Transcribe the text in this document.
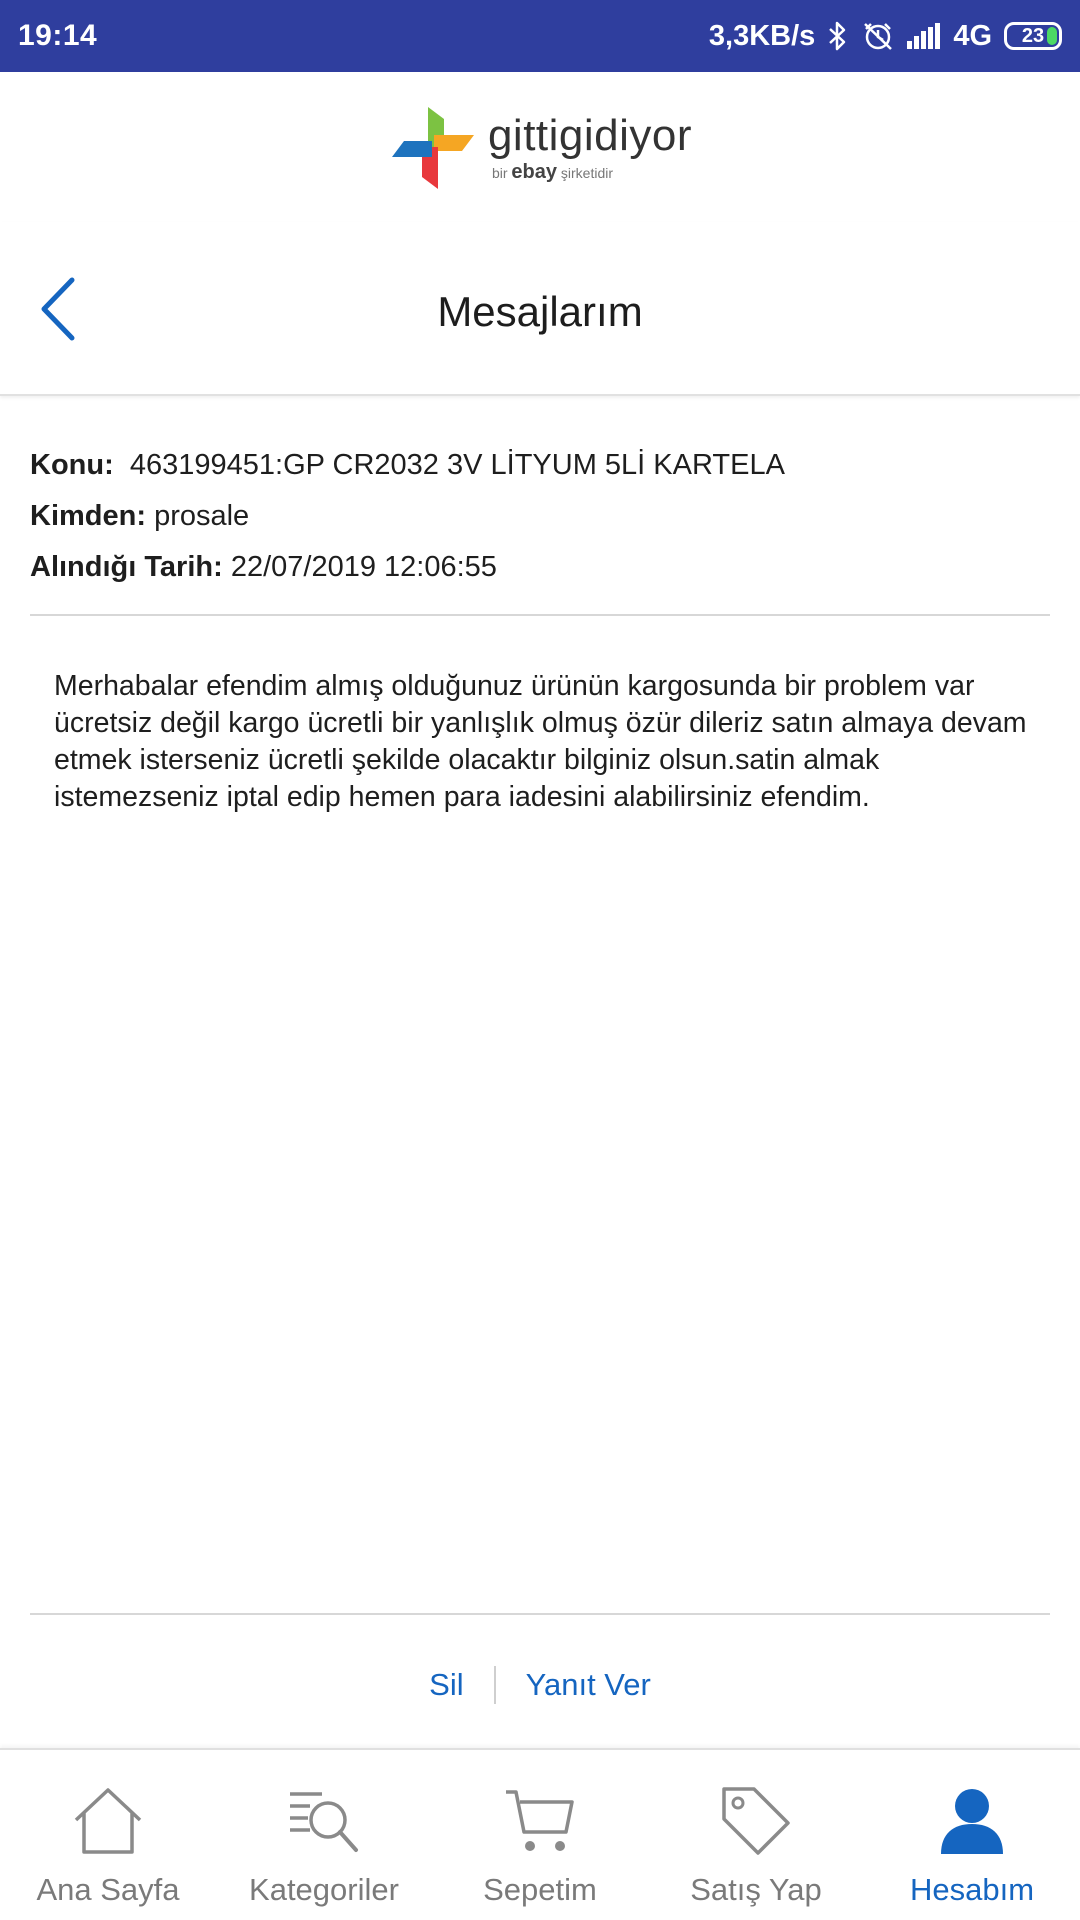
19:14	3,3KB/s	4G 23
gittigidiyor
bir ebay şirketidir
Mesajlarım
Konu: 463199451:GP CR2032 3V LİTYUM 5Lİ KARTELA
Kimden: prosale
Alındığı Tarih: 22/07/2019 12:06:55
Merhabalar efendim almış olduğunuz ürünün kargosunda bir problem var ücretsiz değil kargo ücretli bir yanlışlık olmuş özür dileriz satın almaya devam etmek isterseniz ücretli şekilde olacaktır bilginiz olsun.satin almak istemezseniz iptal edip hemen para iadesini alabilirsiniz efendim.
Sil	Yanıt Ver
Ana Sayfa Kategoriler	Sepetim	Satış Yap	Hesabım
